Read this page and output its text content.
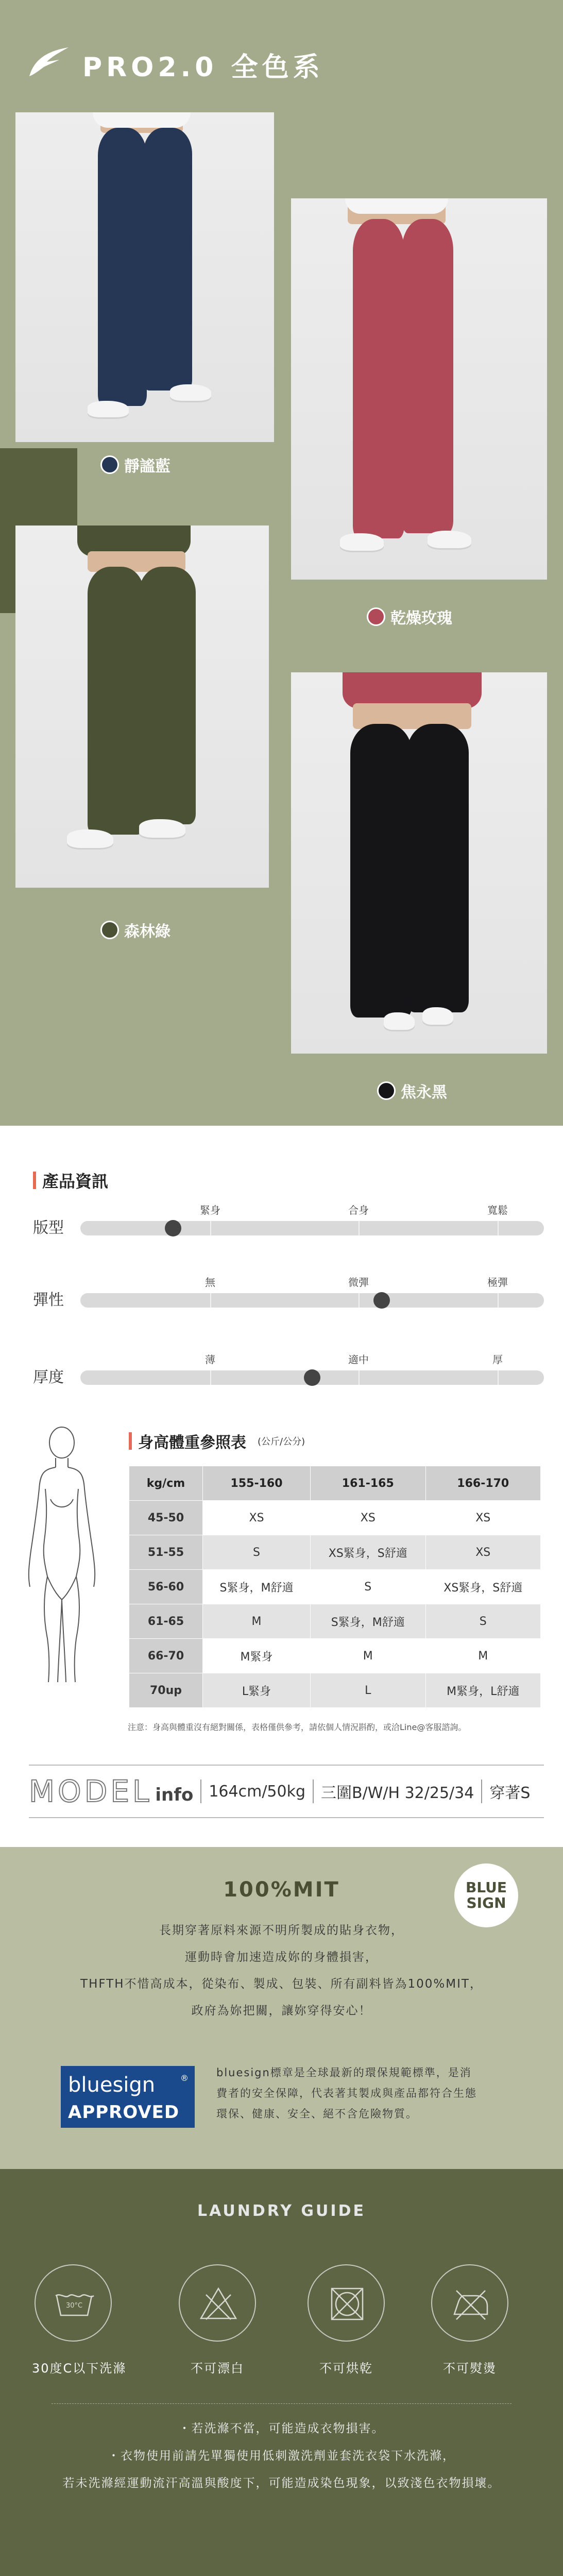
PRO2.0 全色系
靜謐藍
乾燥玫瑰
森林綠
焦永黑
產品資訊
版型
緊身	合身	寬鬆
彈性
無	微彈	極彈
厚度
薄	適中	厚
身高體重參照表 (公斤/公分)
kg/cm	155-160	161-165	166-170
45-50	XS	XS	XS
51-55	S	XS緊身，S舒適	XS
56-60	S緊身，M舒適	S	XS緊身，S舒適
61-65	M	S緊身，M舒適	S
66-70	M緊身	M	M
70up	L緊身	L	M緊身，L舒適
注意：身高與體重沒有絕對關係，表格僅供參考，請依個人情況斟酌，或洽Line@客服諮詢。
MODEL info 164cm/50kg 三圍B/W/H 32/25/34 穿著S
100%MIT	BLUE
SIGN
長期穿著原料來源不明所製成的貼身衣物，
運動時會加速造成妳的身體損害，
THFTH不惜高成本，從染布、製成、包裝、所有副料皆為100%MIT，
政府為妳把關，讓妳穿得安心！
bluesign	®
APPROVED
bluesign標章是全球最新的環保規範標準，是消
費者的安全保障，代表著其製成與產品都符合生態
環保、健康、安全、絕不含危險物質。
LAUNDRY GUIDE
30°C
30度C以下洗滌	不可漂白	不可烘乾	不可熨燙
・若洗滌不當，可能造成衣物損害。
・衣物使用前請先單獨使用低刺激洗劑並套洗衣袋下水洗滌，
若未洗滌經運動流汗高溫與酸度下，可能造成染色現象，以致淺色衣物損壞。
